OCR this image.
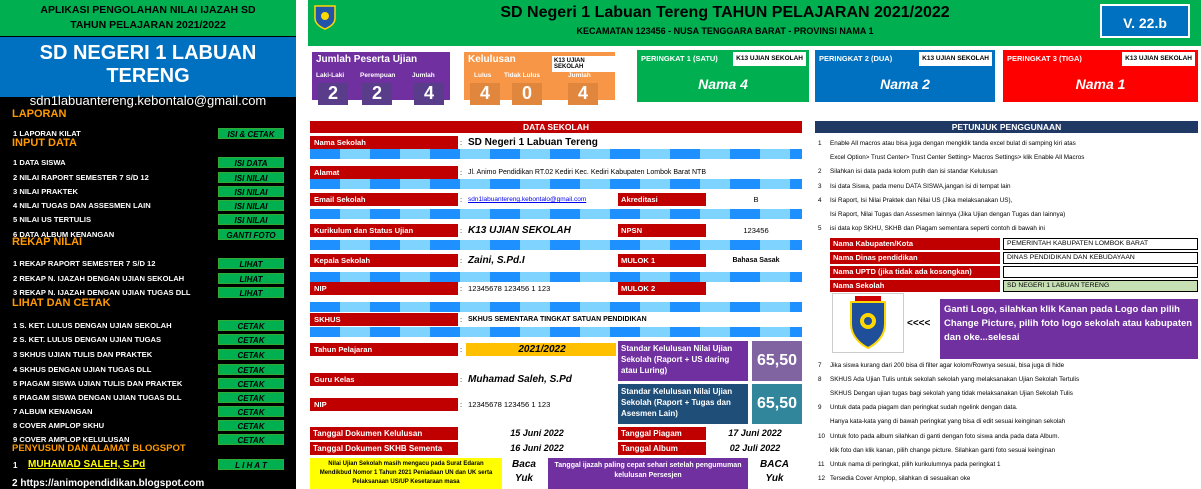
APLIKASI PENGOLAHAN NILAI IJAZAH SD
TAHUN PELAJARAN 2021/2022
SD NEGERI 1 LABUAN TERENG
sdn1labuantereng.kebontalo@gmail.com
LAPORAN
1 LAPORAN KILAT	ISI & CETAK
INPUT DATA
1 DATA SISWA	ISI DATA
2 NILAI RAPORT SEMESTER 7 S/D 12	ISI NILAI
3 NILAI PRAKTEK	ISI NILAI
4 NILAI TUGAS DAN ASSESMEN LAIN	ISI NILAI
5 NILAI US TERTULIS	ISI NILAI
6 DATA ALBUM KENANGAN	GANTI FOTO
REKAP NILAI
1 REKAP RAPORT SEMESTER 7 S/D 12	LIHAT
2 REKAP N. IJAZAH DENGAN UJIAN SEKOLAH	LIHAT
3 REKAP N. IJAZAH DENGAN UJIAN TUGAS DLL	LIHAT
LIHAT DAN CETAK
1 S. KET. LULUS DENGAN UJIAN SEKOLAH	CETAK
2 S. KET. LULUS DENGAN UJIAN TUGAS	CETAK
3 SKHUS UJIAN TULIS DAN PRAKTEK	CETAK
4 SKHUS DENGAN UJIAN TUGAS DLL	CETAK
5 PIAGAM SISWA UJIAN TULIS DAN PRAKTEK	CETAK
6 PIAGAM SISWA DENGAN UJIAN TUGAS DLL	CETAK
7 ALBUM KENANGAN	CETAK
8 COVER AMPLOP SKHU	CETAK
9 COVER AMPLOP KELULUSAN	CETAK
PENYUSUN DAN ALAMAT BLOGSPOT
1 MUHAMAD SALEH, S.Pd	L I H A T
2 https://animopendidikan.blogspot.com
SD Negeri 1 Labuan Tereng TAHUN PELAJARAN 2021/2022
KECAMATAN 123456 - NUSA TENGGARA BARAT - PROVINSI NAMA 1	V. 22.b
Jumlah Peserta Ujian
Laki-Laki Perempuan	Jumlah
2	2	4
Kelulusan	K13 UJIAN SEKOLAH
Lulus Tidak Lulus	Jumlah
4	0	4
PERINGKAT 1 (SATU)	K13 UJIAN SEKOLAH
Nama 4
PERINGKAT 2 (DUA)	K13 UJIAN SEKOLAH
Nama 2
PERINGKAT 3 (TIGA)	K13 UJIAN SEKOLAH
Nama 1
DATA SEKOLAH
Nama Sekolah	: SD Negeri 1 Labuan Tereng
Alamat	: Jl. Animo Pendidikan RT.02 Kediri Kec. Kediri Kabupaten Lombok Barat NTB
Email Sekolah	: sdn1labuantereng.kebontalo@gmail.com	Akreditasi	B
Kurikulum dan Status Ujian	: K13 UJIAN SEKOLAH	NPSN	123456
Kepala Sekolah	: Zaini, S.Pd.I	MULOK 1	Bahasa Sasak
NIP	: 12345678 123456 1 123	MULOK 2
SKHUS	: SKHUS SEMENTARA TINGKAT SATUAN PENDIDIKAN
Tahun Pelajaran	:	2021/2022
Guru Kelas	: Muhamad Saleh, S.Pd
NIP	: 12345678 123456 1 123
Standar Kelulusan Nilai Ujian Sekolah (Raport + US daring atau Luring)
65,50
Standar Kelulusan Nilai Ujian Sekolah (Raport + Tugas dan Asesmen Lain)
65,50
Tanggal Dokumen Kelulusan	15 Juni 2022	Tanggal Piagam	17 Juni 2022
Tanggal Dokumen SKHB Sementa	16 Juni 2022	Tanggal Album	02 Juli 2022
Nilai Ujian Sekolah masih mengacu pada Surat Edaran Mendikbud Nomor 1 Tahun 2021 Peniadaan UN dan UK serta Pelaksanaan US/UP Kesetaraan masa
Baca Yuk
Tanggal ijazah paling cepat sehari setelah pengumuman kelulusan Persesjen
BACA Yuk
PETUNJUK PENGGUNAAN
1 Enable All macros atau bisa juga dengan mengklik tanda excel bulat di samping kiri atas
Excel Option> Trust Center> Trust Center Setting> Macros Settings> klik Enable All Macros
2 Silahkan isi data pada kolom putih dan isi standar Kelulusan
3 Isi data Siswa, pada menu DATA SISWA,jangan isi di tempat lain
4 Isi Raport, Isi Nilai Praktek dan Nilai US (Jika melaksanakan US),
Isi Raport, Nilai Tugas dan Assesmen lainnya (Jika Ujian dengan Tugas dan lainnya)
5 isi data kop SKHU, SKHB dan Piagam sementara seperti contoh di bawah ini
Nama Kabupaten/Kota	PEMERINTAH KABUPATEN LOMBOK BARAT
Nama Dinas pendidikan	DINAS PENDIDIKAN DAN KEBUDAYAAN
Nama UPTD (jika tidak ada kosongkan)
Nama Sekolah	SD NEGERI 1 LABUAN TERENG
7 Jika siswa kurang dari 200 bisa di filter agar kolom/Rownya sesuai, bisa juga di hide
8 SKHUS Ada Ujian Tulis untuk sekolah sekolah yang melaksanakan Ujian Sekolah Tertulis
SKHUS Dengan ujian tugas bagi sekolah yang tidak melaksanakan Ujian Sekolah Tulis
9 Untuk data pada piagam dan peringkat sudah ngelink dengan data.
Hanya kata-kata yang di bawah peringkat yang bisa di edit sesuai keinginan sekolah
10 Untuk foto pada album silahkan di ganti dengan foto siswa anda pada data Album.
klik foto dan klik kanan, pilih change picture. Silahkan ganti foto sesuai keinginan
11 Untuk nama di peringkat, pilih kurikulumnya pada peringkat 1
12 Tersedia Cover Amplop, silahkan di sesuaikan oke
<<<<
Ganti Logo, silahkan klik Kanan pada Logo dan pilih Change Picture, pilih foto logo sekolah atau kabupaten dan oke...selesai
